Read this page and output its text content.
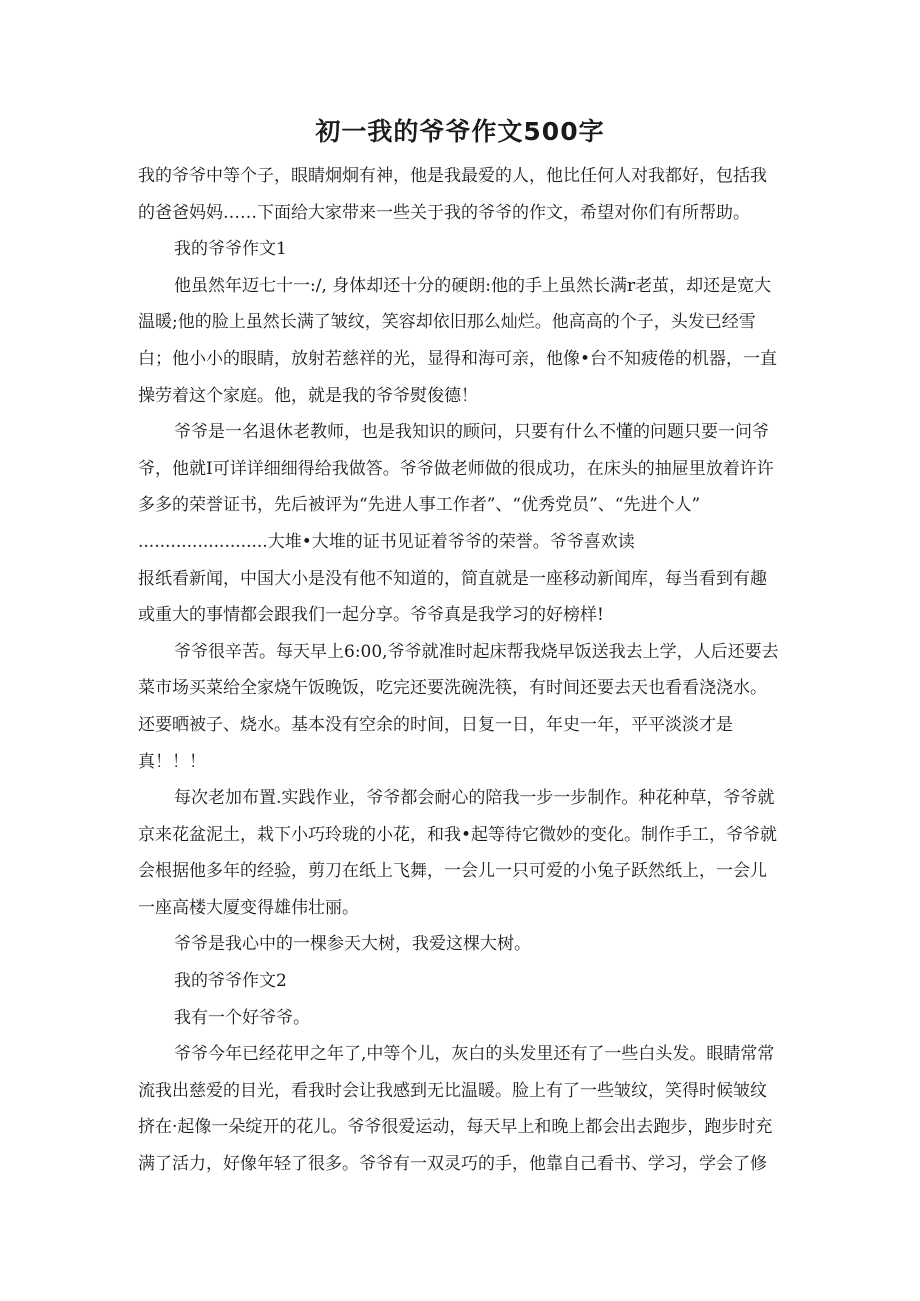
初一我的爷爷作文500字

我的爷爷中等个子，眼睛炯炯有神，他是我最爱的人，他比任何人对我都好，包括我的爸爸妈妈……下面给大家带来一些关于我的爷爷的作文，希望对你们有所帮助。

我的爷爷作文1

他虽然年迈七十一:/, 身体却还十分的硬朗:他的手上虽然长满r老茧，却还是宽大温暖;他的脸上虽然长满了皱纹，笑容却依旧那么灿烂。他高高的个子，头发已经雪白；他小小的眼睛，放射若慈祥的光，显得和海可亲，他像•台不知疲倦的机器，一直操劳着这个家庭。他，就是我的爷爷熨俊德！

爷爷是一名退休老教师，也是我知识的顾问，只要有什么不懂的问题只要一问爷爷，他就I可详详细细得给我做答。爷爷做老师做的很成功，在床头的抽屉里放着许许多多的荣誉证书，先后被评为“先进人事工作者”、“优秀党员”、“先进个人”

........................大堆•大堆的证书见证着爷爷的荣誉。爷爷喜欢读

报纸看新闻，中国大小是没有他不知道的，简直就是一座移动新闻库，每当看到有趣或重大的事情都会跟我们一起分享。爷爷真是我学习的好榜样!

爷爷很辛苦。每天早上6:00,爷爷就准时起床帮我烧早饭送我去上学，人后还要去菜市场买菜给全家烧午饭晚饭，吃完还要洗碗洗筷，有时间还要去天也看看浇浇水。还要晒被子、烧水。基本没有空余的时间，日复一日，年史一年，平平淡淡才是

真！！！

每次老加布置.实践作业，爷爷都会耐心的陪我一步一步制作。种花种草，爷爷就京来花盆泥土，栽下小巧玲珑的小花，和我•起等待它微妙的变化。制作手工，爷爷就会根据他多年的经验，剪刀在纸上飞舞，一会儿一只可爱的小兔子跃然纸上，一会儿一座高楼大厦变得雄伟壮丽。

爷爷是我心中的一棵参天大树，我爱这棵大树。

我的爷爷作文2

我有一个好爷爷。

爷爷今年已经花甲之年了,中等个儿，灰白的头发里还有了一些白头发。眼睛常常流我出慈爱的目光，看我时会让我感到无比温暖。脸上有了一些皱纹，笑得时候皱纹挤在·起像一朵绽开的花儿。爷爷很爱运动，每天早上和晚上都会出去跑步，跑步时充满了活力，好像年轻了很多。爷爷有一双灵巧的手，他靠自己看书、学习，学会了修
